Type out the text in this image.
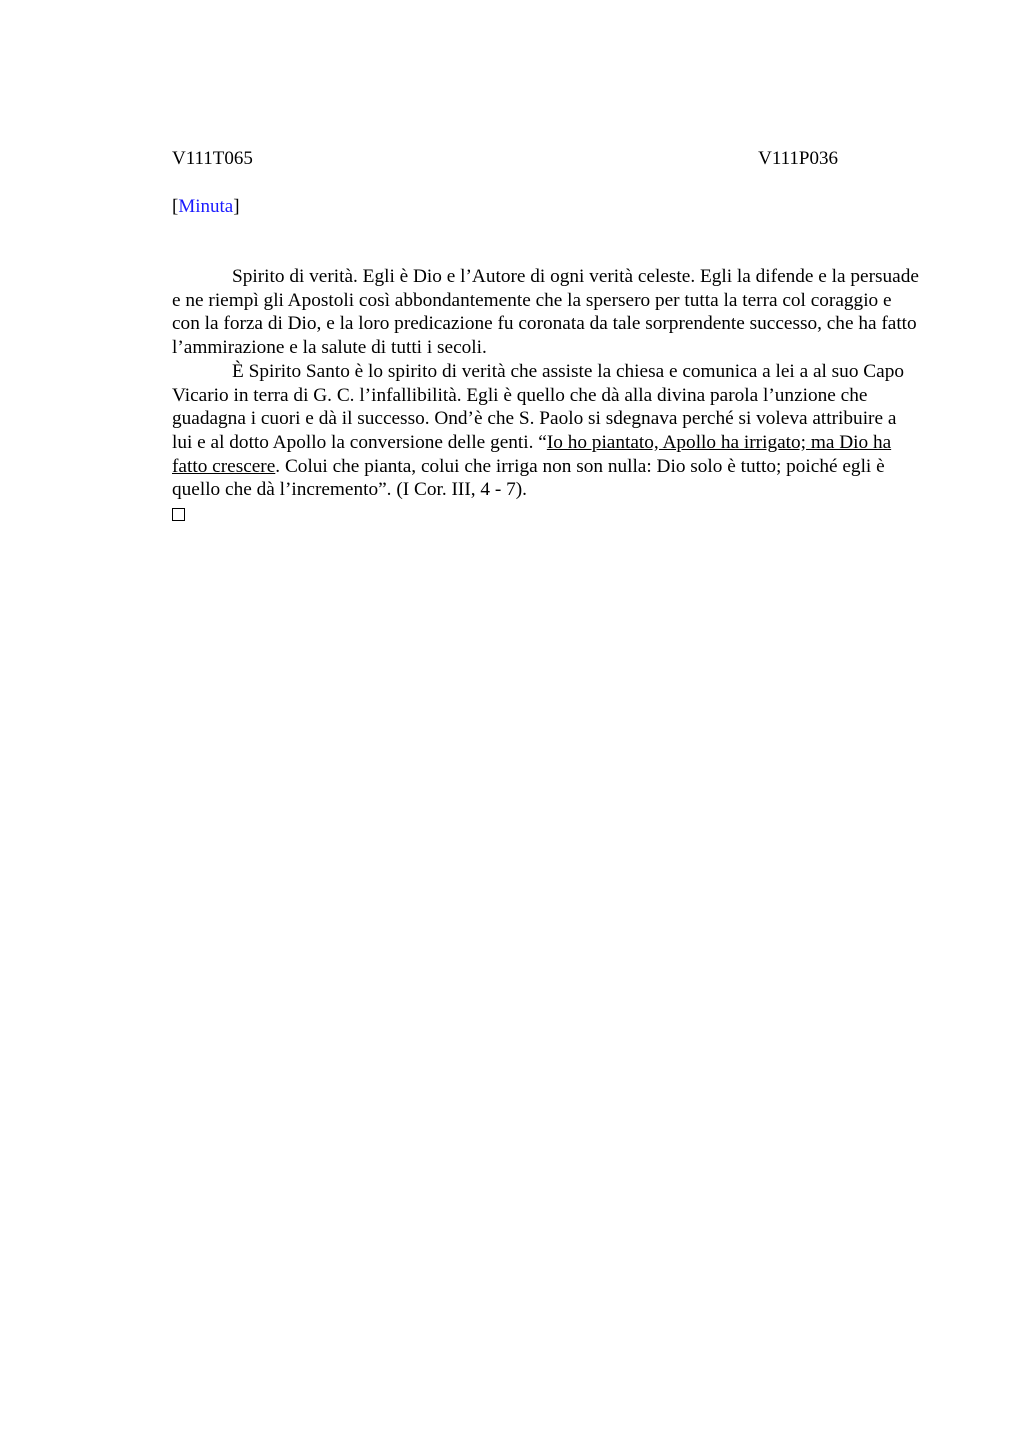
V111T065	V111P036
[Minuta]

Spirito di verità. Egli è Dio e l’Autore di ogni verità celeste. Egli la difende e la persuade e ne riempì gli Apostoli così abbondantemente che la spersero per tutta la terra col coraggio e con la forza di Dio, e la loro predicazione fu coronata da tale sorprendente successo, che ha fatto l’ammirazione e la salute di tutti i secoli.

È Spirito Santo è lo spirito di verità che assiste la chiesa e comunica a lei a al suo Capo Vicario in terra di G. C. l’infallibilità. Egli è quello che dà alla divina parola l’unzione che guadagna i cuori e dà il successo. Ond’è che S. Paolo si sdegnava perché si voleva attribuire a lui e al dotto Apollo la conversione delle genti. “Io ho piantato, Apollo ha irrigato; ma Dio ha fatto crescere. Colui che pianta, colui che irriga non son nulla: Dio solo è tutto; poiché egli è quello che dà l’incremento”. (I Cor. III, 4 - 7).
